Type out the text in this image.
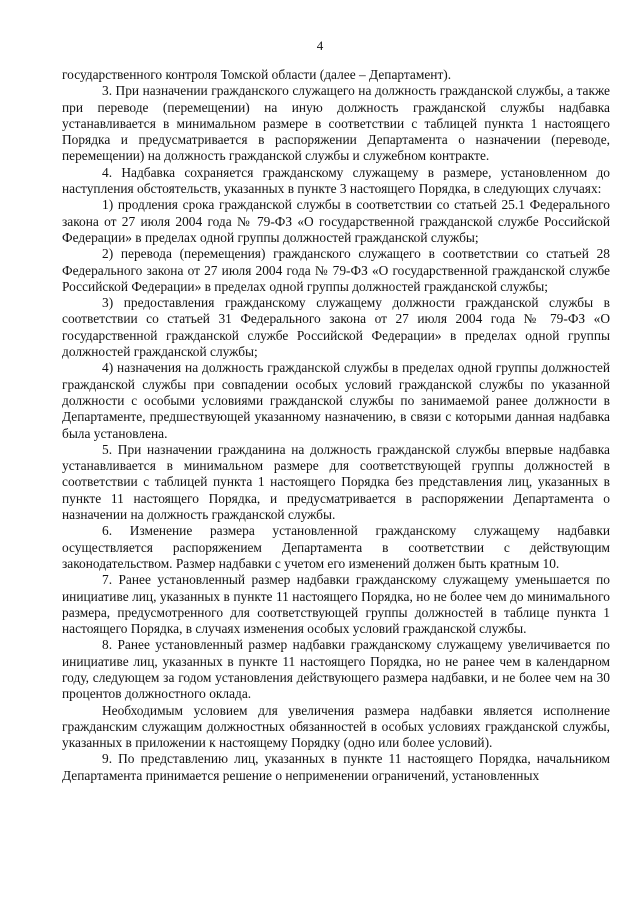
4

государственного контроля Томской области (далее – Департамент).

3. При назначении гражданского служащего на должность гражданской службы, а также при переводе (перемещении) на иную должность гражданской службы надбавка устанавливается в минимальном размере в соответствии с таблицей пункта 1 настоящего Порядка и предусматривается в распоряжении Департамента о назначении (переводе, перемещении) на должность гражданской службы и служебном контракте.

4. Надбавка сохраняется гражданскому служащему в размере, установленном до наступления обстоятельств, указанных в пункте 3 настоящего Порядка, в следующих случаях:

1) продления срока гражданской службы в соответствии со статьей 25.1 Федерального закона от 27 июля 2004 года № 79-ФЗ «О государственной гражданской службе Российской Федерации» в пределах одной группы должностей гражданской службы;

2) перевода (перемещения) гражданского служащего в соответствии со статьей 28 Федерального закона от 27 июля 2004 года № 79-ФЗ «О государственной гражданской службе Российской Федерации» в пределах одной группы должностей гражданской службы;

3) предоставления гражданскому служащему должности гражданской службы в соответствии со статьей 31 Федерального закона от 27 июля 2004 года № 79-ФЗ «О государственной гражданской службе Российской Федерации» в пределах одной группы должностей гражданской службы;

4) назначения на должность гражданской службы в пределах одной группы должностей гражданской службы при совпадении особых условий гражданской службы по указанной должности с особыми условиями гражданской службы по занимаемой ранее должности в Департаменте, предшествующей указанному назначению, в связи с которыми данная надбавка была установлена.

5. При назначении гражданина на должность гражданской службы впервые надбавка устанавливается в минимальном размере для соответствующей группы должностей в соответствии с таблицей пункта 1 настоящего Порядка без представления лиц, указанных в пункте 11 настоящего Порядка, и предусматривается в распоряжении Департамента о назначении на должность гражданской службы.

6. Изменение размера установленной гражданскому служащему надбавки осуществляется распоряжением Департамента в соответствии с действующим законодательством. Размер надбавки с учетом его изменений должен быть кратным 10.

7. Ранее установленный размер надбавки гражданскому служащему уменьшается по инициативе лиц, указанных в пункте 11 настоящего Порядка, но не более чем до минимального размера, предусмотренного для соответствующей группы должностей в таблице пункта 1 настоящего Порядка, в случаях изменения особых условий гражданской службы.

8. Ранее установленный размер надбавки гражданскому служащему увеличивается по инициативе лиц, указанных в пункте 11 настоящего Порядка, но не ранее чем в календарном году, следующем за годом установления действующего размера надбавки, и не более чем на 30 процентов должностного оклада.

Необходимым условием для увеличения размера надбавки является исполнение гражданским служащим должностных обязанностей в особых условиях гражданской службы, указанных в приложении к настоящему Порядку (одно или более условий).

9. По представлению лиц, указанных в пункте 11 настоящего Порядка, начальником Департамента принимается решение о неприменении ограничений, установленных
